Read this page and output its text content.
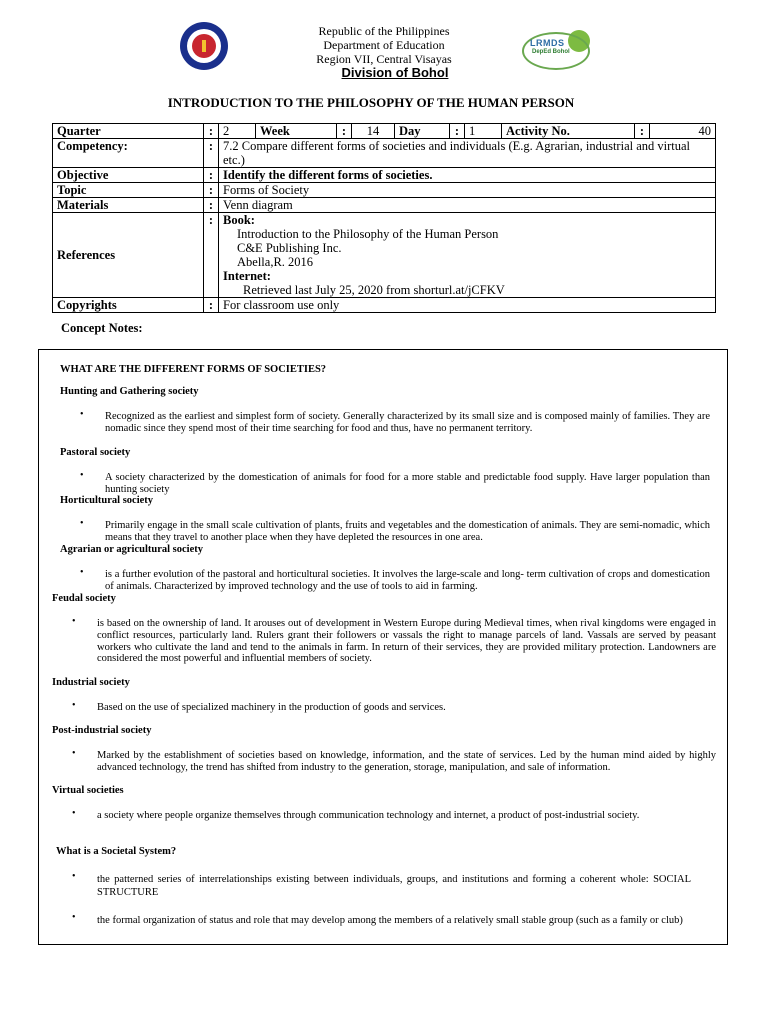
Republic of the Philippines
Department of Education
Region VII, Central Visayas
Division of Bohol
LRMDS
DepEd Bohol
INTRODUCTION TO THE PHILOSOPHY OF THE HUMAN PERSON
Quarter	:	2	Week	:	14	Day	:	1	Activity No.	:	40

Competency:	:	7.2 Compare different forms of societies and individuals (E.g. Agrarian, industrial and virtual etc.)
Objective	:	Identify the different forms of societies.
Topic	:	Forms of Society
Materials	:	Venn diagram
References	:	Book:
Introduction to the Philosophy of the Human Person
C&E Publishing Inc.
Abella,R. 2016
Internet:
Retrieved last July 25, 2020 from shorturl.at/jCFKV

Copyrights	:	For classroom use only
Concept Notes:
WHAT ARE THE DIFFERENT FORMS OF SOCIETIES?
Hunting and Gathering society
• Recognized as the earliest and simplest form of society. Generally characterized by its small size and is composed mainly of families. They are nomadic since they spend most of their time searching for food and thus, have no permanent territory.
Pastoral society
• A society characterized by the domestication of animals for food for a more stable and predictable food supply. Have larger population than hunting society
Horticultural society
• Primarily engage in the small scale cultivation of plants, fruits and vegetables and the domestication of animals. They are semi-nomadic, which means that they travel to another place when they have depleted the resources in one area.
Agrarian or agricultural society
• is a further evolution of the pastoral and horticultural societies. It involves the large-scale and long- term cultivation of crops and domestication of animals. Characterized by improved technology and the use of tools to aid in farming.
Feudal society
• is based on the ownership of land. It arouses out of development in Western Europe during Medieval times, when rival kingdoms were engaged in conflict resources, particularly land. Rulers grant their followers or vassals the right to manage parcels of land. Vassals are served by peasant workers who cultivate the land and tend to the animals in farm. In return of their services, they are provided military protection. Landowners are considered the most powerful and influential members of society.
Industrial society
• Based on the use of specialized machinery in the production of goods and services.
Post-industrial society
• Marked by the establishment of societies based on knowledge, information, and the state of services. Led by the human mind aided by highly advanced technology, the trend has shifted from industry to the generation, storage, manipulation, and sale of information.
Virtual societies
• a society where people organize themselves through communication technology and internet, a product of post-industrial society.
What is a Societal System?
• the patterned series of interrelationships existing between individuals, groups, and institutions and forming a coherent whole: SOCIAL STRUCTURE
• the formal organization of status and role that may develop among the members of a relatively small stable group (such as a family or club)
